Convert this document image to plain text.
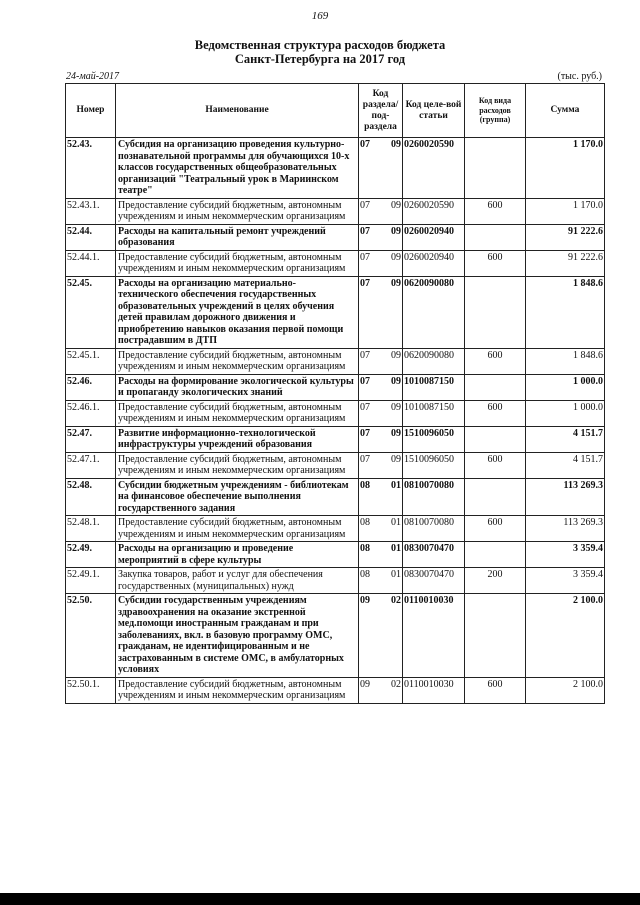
169
Ведомственная структура расходов бюджета
Санкт-Петербурга на 2017 год
24-май-2017	(тыс. руб.)
Номер	Наименование	Код раздела/ под-раздела	Код целе-вой статьи	Код вида расходов (группа)	Сумма
52.43.	Субсидия на организацию проведения культурно-познавательной программы для обучающихся 10-х классов государственных общеобразовательных организаций "Театральный урок в Мариинском театре"	07 09	0260020590		1 170.0
52.43.1.	Предоставление субсидий бюджетным, автономным учреждениям и иным некоммерческим организациям	07 09	0260020590	600	1 170.0
52.44.	Расходы на капитальный ремонт учреждений образования	07 09	0260020940		91 222.6
52.44.1.	Предоставление субсидий бюджетным, автономным учреждениям и иным некоммерческим организациям	07 09	0260020940	600	91 222.6
52.45.	Расходы на организацию материально-технического обеспечения государственных образовательных учреждений в целях обучения детей правилам дорожного движения и приобретению навыков оказания первой помощи пострадавшим в ДТП	07 09	0620090080		1 848.6
52.45.1.	Предоставление субсидий бюджетным, автономным учреждениям и иным некоммерческим организациям	07 09	0620090080	600	1 848.6
52.46.	Расходы на формирование экологической культуры и пропаганду экологических знаний	07 09	1010087150		1 000.0
52.46.1.	Предоставление субсидий бюджетным, автономным учреждениям и иным некоммерческим организациям	07 09	1010087150	600	1 000.0
52.47.	Развитие информационно-технологической инфраструктуры учреждений образования	07 09	1510096050		4 151.7
52.47.1.	Предоставление субсидий бюджетным, автономным учреждениям и иным некоммерческим организациям	07 09	1510096050	600	4 151.7
52.48.	Субсидии бюджетным учреждениям - библиотекам на финансовое обеспечение выполнения государственного задания	08 01	0810070080		113 269.3
52.48.1.	Предоставление субсидий бюджетным, автономным учреждениям и иным некоммерческим организациям	08 01	0810070080	600	113 269.3
52.49.	Расходы на организацию и проведение мероприятий в сфере культуры	08 01	0830070470		3 359.4
52.49.1.	Закупка товаров, работ и услуг для обеспечения государственных (муниципальных) нужд	08 01	0830070470	200	3 359.4
52.50.	Субсидии государственным учреждениям здравоохранения на оказание экстренной мед.помощи иностранным гражданам и при заболеваниях, вкл. в базовую программу ОМС, гражданам, не идентифицированным и не застрахованным в системе ОМС, в амбулаторных условиях	09 02	0110010030		2 100.0
52.50.1.	Предоставление субсидий бюджетным, автономным учреждениям и иным некоммерческим организациям	09 02	0110010030	600	2 100.0
